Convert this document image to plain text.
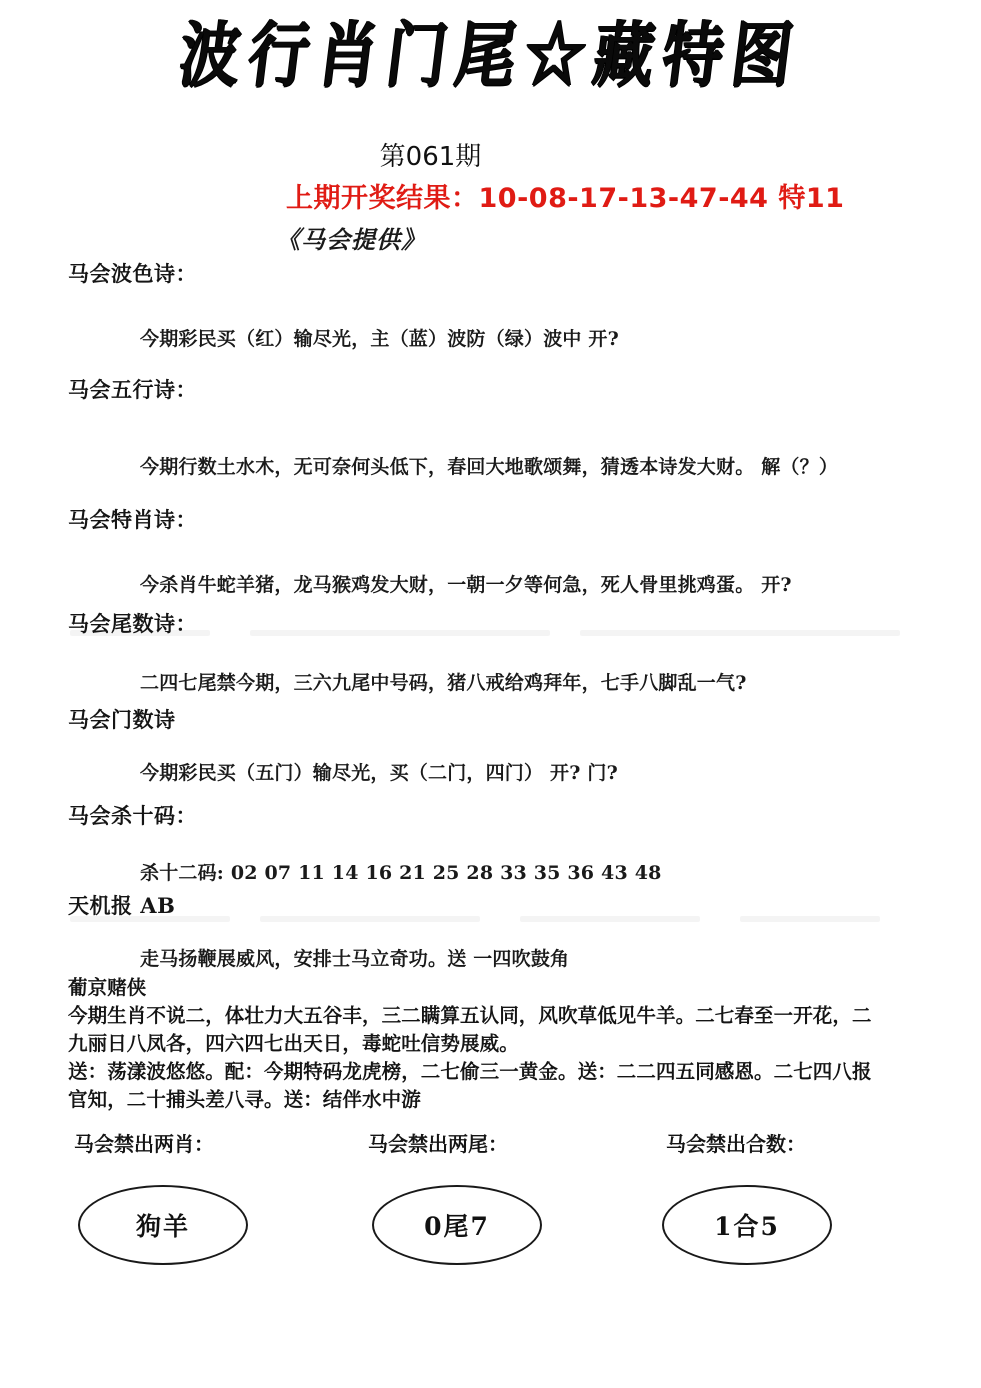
波行肖门尾☆藏特图
第061期
上期开奖结果：10-08-17-13-47-44 特11
《马会提供》
马会波色诗：
今期彩民买（红）输尽光，主（蓝）波防（绿）波中 开?
马会五行诗：
今期行数土水木，无可奈何头低下，春回大地歌颂舞，猜透本诗发大财。 解（？）
马会特肖诗：
今杀肖牛蛇羊猪，龙马猴鸡发大财，一朝一夕等何急，死人骨里挑鸡蛋。 开?
马会尾数诗：
二四七尾禁今期，三六九尾中号码，猪八戒给鸡拜年，七手八脚乱一气?
马会门数诗
今期彩民买（五门）输尽光，买（二门，四门） 开? 门?
马会杀十码：
杀十二码: 02 07 11 14 16 21 25 28 33 35 36 43 48
天机报 AB
走马扬鞭展威风，安排士马立奇功。送 一四吹鼓角
葡京赌侠

今期生肖不说二，体壮力大五谷丰，三二瞒算五认同，风吹草低见牛羊。二七春至一开花，二

九丽日八凤各，四六四七出天日，毒蛇吐信势展威。

送：荡漾波悠悠。配：今期特码龙虎榜，二七偷三一黄金。送：二二四五同感恩。二七四八报

官知，二十捕头差八寻。送：结伴水中游

马会禁出两肖：	马会禁出两尾：	马会禁出合数：
狗羊	0尾7	1合5
